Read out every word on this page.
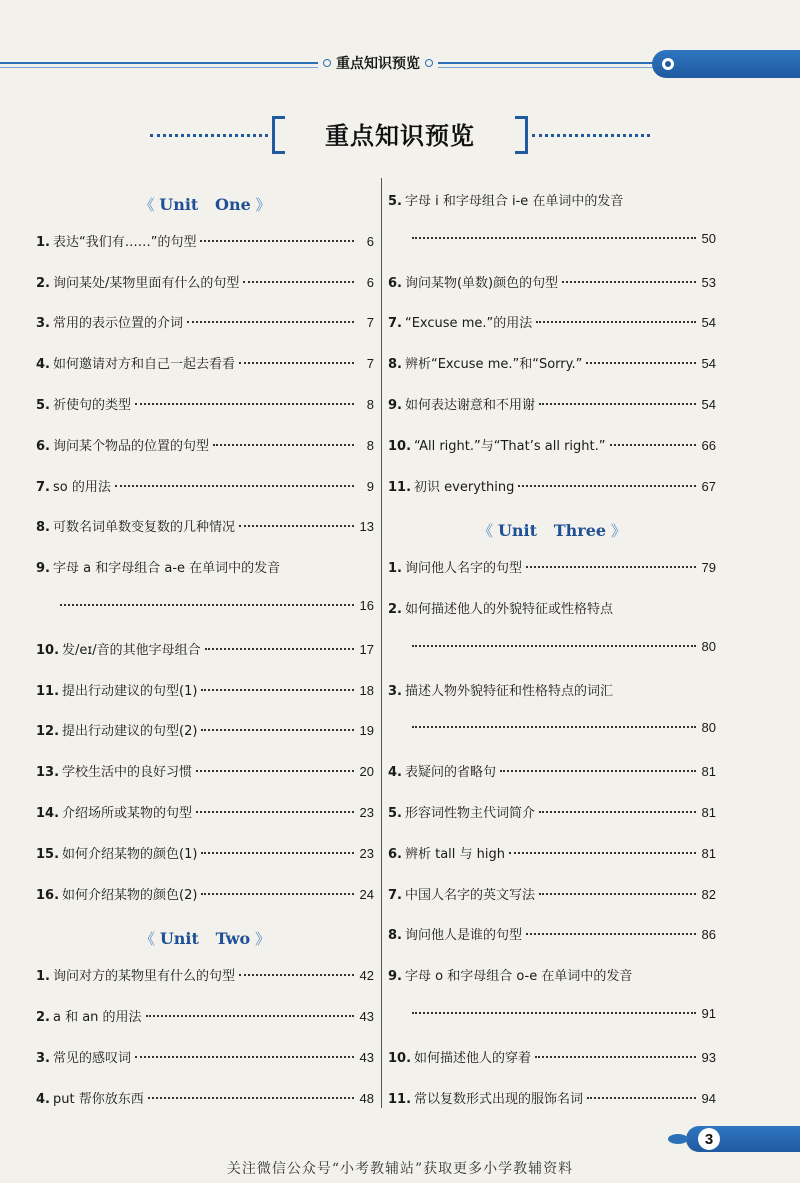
重点知识预览
重点知识预览
《 Unit   One 》
1. 表达“我们有……”的句型	6
2. 询问某处/某物里面有什么的句型	6
3. 常用的表示位置的介词	7
4. 如何邀请对方和自己一起去看看	7
5. 祈使句的类型	8
6. 询问某个物品的位置的句型	8
7. so 的用法	9
8. 可数名词单数变复数的几种情况	13
9. 字母 a 和字母组合 a-e 在单词中的发音
16
10. 发/eɪ/音的其他字母组合	17
11. 提出行动建议的句型(1)	18
12. 提出行动建议的句型(2)	19
13. 学校生活中的良好习惯	20
14. 介绍场所或某物的句型	23
15. 如何介绍某物的颜色(1)	23
16. 如何介绍某物的颜色(2)	24
《 Unit   Two 》
1. 询问对方的某物里有什么的句型	42
2. a 和 an 的用法	43
3. 常见的感叹词	43
4. put 帮你放东西	48
5. 字母 i 和字母组合 i-e 在单词中的发音
50
6. 询问某物(单数)颜色的句型	53
7. “Excuse me.”的用法	54
8. 辨析“Excuse me.”和“Sorry.”	54
9. 如何表达谢意和不用谢	54
10. “All right.”与“That’s all right.”	66
11. 初识 everything	67
《 Unit   Three 》
1. 询问他人名字的句型	79
2. 如何描述他人的外貌特征或性格特点
80
3. 描述人物外貌特征和性格特点的词汇
80
4. 表疑问的省略句	81
5. 形容词性物主代词简介	81
6. 辨析 tall 与 high	81
7. 中国人名字的英文写法	82
8. 询问他人是谁的句型	86
9. 字母 o 和字母组合 o-e 在单词中的发音
91
10. 如何描述他人的穿着	93
11. 常以复数形式出现的服饰名词	94
3
关注微信公众号“小考教辅站”获取更多小学教辅资料
